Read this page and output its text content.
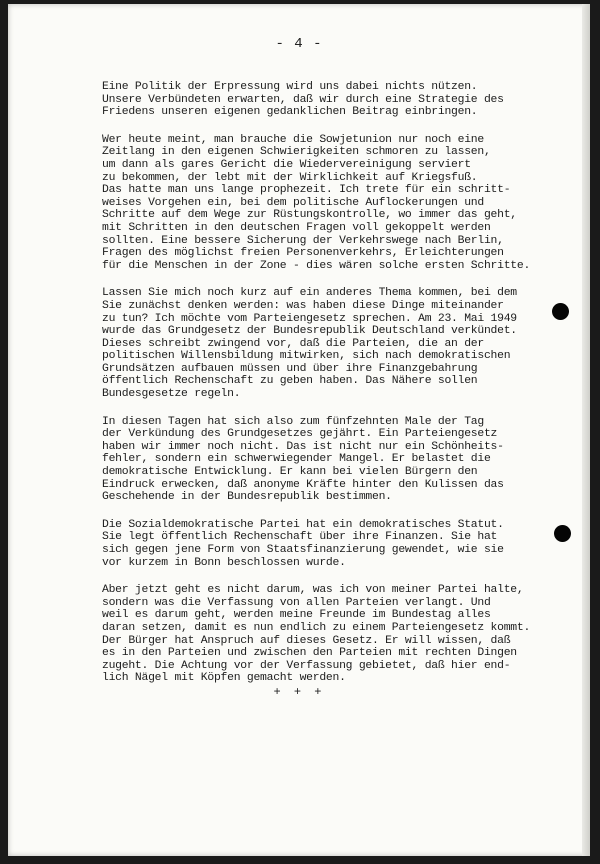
- 4 -
Eine Politik der Erpressung wird uns dabei nichts nützen.
Unsere Verbündeten erwarten, daß wir durch eine Strategie des
Friedens unseren eigenen gedanklichen Beitrag einbringen.
Wer heute meint, man brauche die Sowjetunion nur noch eine
Zeitlang in den eigenen Schwierigkeiten schmoren zu lassen,
um dann als gares Gericht die Wiedervereinigung serviert
zu bekommen, der lebt mit der Wirklichkeit auf Kriegsfuß.
Das hatte man uns lange prophezeit. Ich trete für ein schritt-
weises Vorgehen ein, bei dem politische Auflockerungen und
Schritte auf dem Wege zur Rüstungskontrolle, wo immer das geht,
mit Schritten in den deutschen Fragen voll gekoppelt werden
sollten. Eine bessere Sicherung der Verkehrswege nach Berlin,
Fragen des möglichst freien Personenverkehrs, Erleichterungen
für die Menschen in der Zone - dies wären solche ersten Schritte.
Lassen Sie mich noch kurz auf ein anderes Thema kommen, bei dem
Sie zunächst denken werden: was haben diese Dinge miteinander
zu tun? Ich möchte vom Parteiengesetz sprechen. Am 23. Mai 1949
wurde das Grundgesetz der Bundesrepublik Deutschland verkündet.
Dieses schreibt zwingend vor, daß die Parteien, die an der
politischen Willensbildung mitwirken, sich nach demokratischen
Grundsätzen aufbauen müssen und über ihre Finanzgebahrung
öffentlich Rechenschaft zu geben haben. Das Nähere sollen
Bundesgesetze regeln.
In diesen Tagen hat sich also zum fünfzehnten Male der Tag
der Verkündung des Grundgesetzes gejährt. Ein Parteiengesetz
haben wir immer noch nicht. Das ist nicht nur ein Schönheits-
fehler, sondern ein schwerwiegender Mangel. Er belastet die
demokratische Entwicklung. Er kann bei vielen Bürgern den
Eindruck erwecken, daß anonyme Kräfte hinter den Kulissen das
Geschehende in der Bundesrepublik bestimmen.
Die Sozialdemokratische Partei hat ein demokratisches Statut.
Sie legt öffentlich Rechenschaft über ihre Finanzen. Sie hat
sich gegen jene Form von Staatsfinanzierung gewendet, wie sie
vor kurzem in Bonn beschlossen wurde.
Aber jetzt geht es nicht darum, was ich von meiner Partei halte,
sondern was die Verfassung von allen Parteien verlangt. Und
weil es darum geht, werden meine Freunde im Bundestag alles
daran setzen, damit es nun endlich zu einem Parteiengesetz kommt.
Der Bürger hat Anspruch auf dieses Gesetz. Er will wissen, daß
es in den Parteien und zwischen den Parteien mit rechten Dingen
zugeht. Die Achtung vor der Verfassung gebietet, daß hier end-
lich Nägel mit Köpfen gemacht werden.
+ + +
